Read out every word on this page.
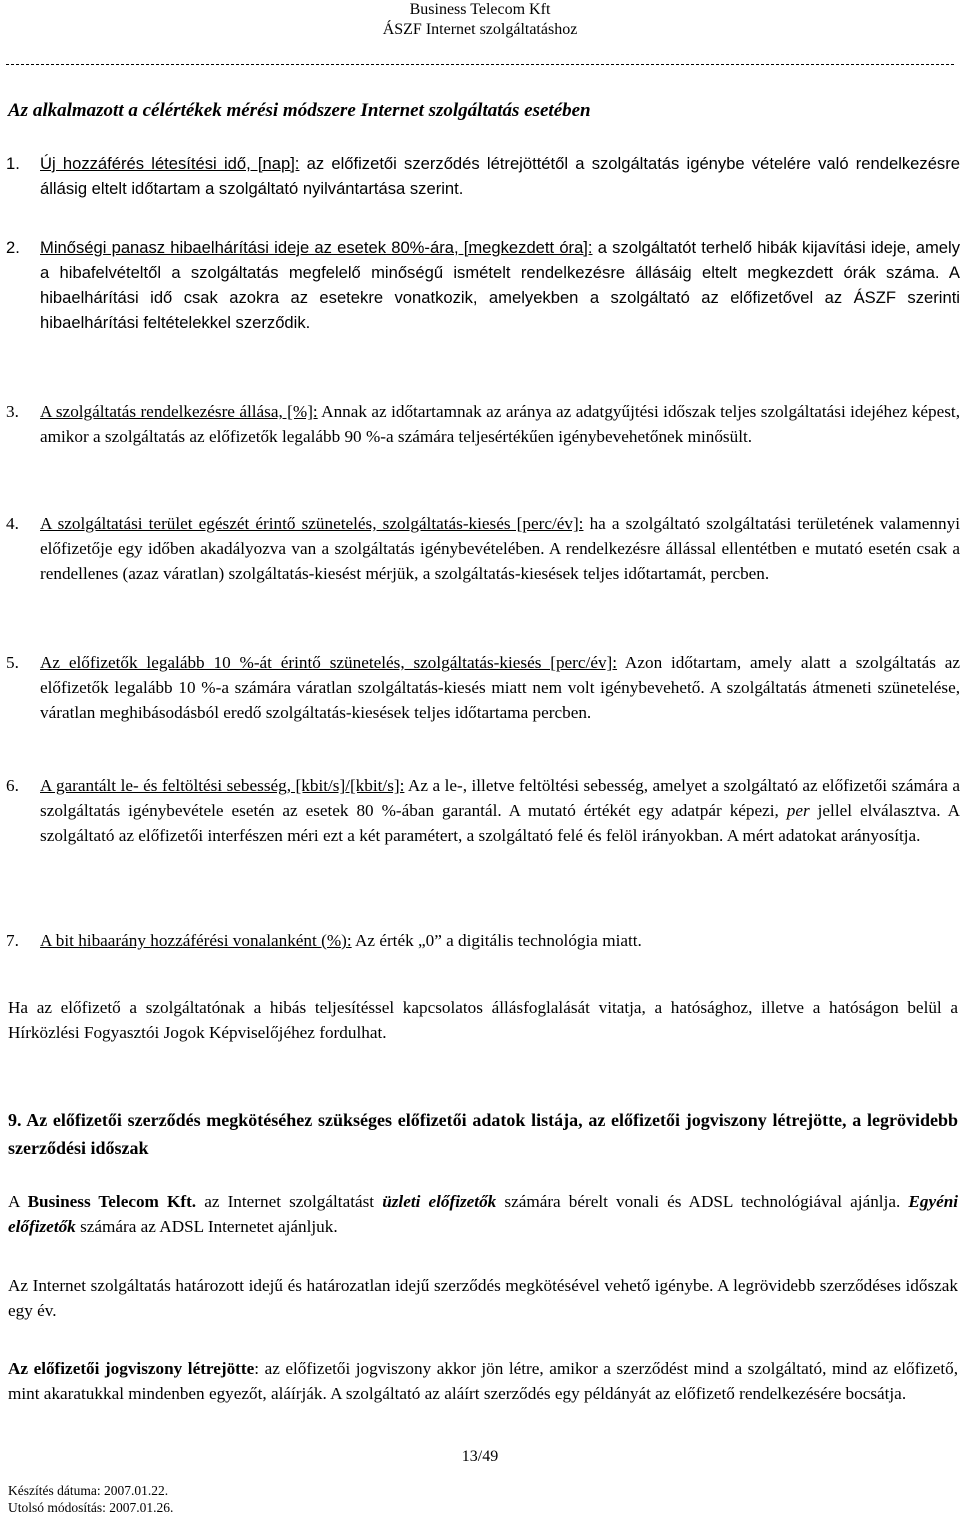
Business Telecom Kft
ÁSZF Internet szolgáltatáshoz
Az alkalmazott a célértékek mérési módszere Internet szolgáltatás esetében
1. Új hozzáférés létesítési idő, [nap]: az előfizetői szerződés létrejöttétől a szolgáltatás igénybe vételére való rendelkezésre állásig eltelt időtartam a szolgáltató nyilvántartása szerint.
2. Minőségi panasz hibaelhárítási ideje az esetek 80%-ára, [megkezdett óra]: a szolgáltatót terhelő hibák kijavítási ideje, amely a hibafelvételtől a szolgáltatás megfelelő minőségű ismételt rendelkezésre állásáig eltelt megkezdett órák száma. A hibaelhárítási idő csak azokra az esetekre vonatkozik, amelyekben a szolgáltató az előfizetővel az ÁSZF szerinti hibaelhárítási feltételekkel szerződik.
3. A szolgáltatás rendelkezésre állása, [%]: Annak az időtartamnak az aránya az adatgyűjtési időszak teljes szolgáltatási idejéhez képest, amikor a szolgáltatás az előfizetők legalább 90 %-a számára teljesértékűen igénybevehetőnek minősült.
4. A szolgáltatási terület egészét érintő szünetelés, szolgáltatás-kiesés [perc/év]: ha a szolgáltató szolgáltatási területének valamennyi előfizetője egy időben akadályozva van a szolgáltatás igénybevételében. A rendelkezésre állással ellentétben e mutató esetén csak a rendellenes (azaz váratlan) szolgáltatás-kiesést mérjük, a szolgáltatás-kiesések teljes időtartamát, percben.
5. Az előfizetők legalább 10 %-át érintő szünetelés, szolgáltatás-kiesés [perc/év]: Azon időtartam, amely alatt a szolgáltatás az előfizetők legalább 10 %-a számára váratlan szolgáltatás-kiesés miatt nem volt igénybevehető. A szolgáltatás átmeneti szünetelése, váratlan meghibásodásból eredő szolgáltatás-kiesések teljes időtartama percben.
6. A garantált le- és feltöltési sebesség, [kbit/s]/[kbit/s]: Az a le-, illetve feltöltési sebesség, amelyet a szolgáltató az előfizetői számára a szolgáltatás igénybevétele esetén az esetek 80 %-ában garantál. A mutató értékét egy adatpár képezi, per jellel elválasztva. A szolgáltató az előfizetői interfészen méri ezt a két paramétert, a szolgáltató felé és felöl irányokban. A mért adatokat arányosítja.
7. A bit hibaarány hozzáférési vonalanként (%): Az érték „0” a digitális technológia miatt.
Ha az előfizető a szolgáltatónak a hibás teljesítéssel kapcsolatos állásfoglalását vitatja, a hatósághoz, illetve a hatóságon belül a Hírközlési Fogyasztói Jogok Képviselőjéhez fordulhat.
9. Az előfizetői szerződés megkötéséhez szükséges előfizetői adatok listája, az előfizetői jogviszony létrejötte, a legrövidebb szerződési időszak
A Business Telecom Kft. az Internet szolgáltatást üzleti előfizetők számára bérelt vonali és ADSL technológiával ajánlja. Egyéni előfizetők számára az ADSL Internetet ajánljuk.
Az Internet szolgáltatás határozott idejű és határozatlan idejű szerződés megkötésével vehető igénybe. A legrövidebb szerződéses időszak egy év.
Az előfizetői jogviszony létrejötte: az előfizetői jogviszony akkor jön létre, amikor a szerződést mind a szolgáltató, mind az előfizető, mint akaratukkal mindenben egyezőt, aláírják. A szolgáltató az aláírt szerződés egy példányát az előfizető rendelkezésére bocsátja.
13/49
Készítés dátuma: 2007.01.22.
Utolsó módosítás: 2007.01.26.
